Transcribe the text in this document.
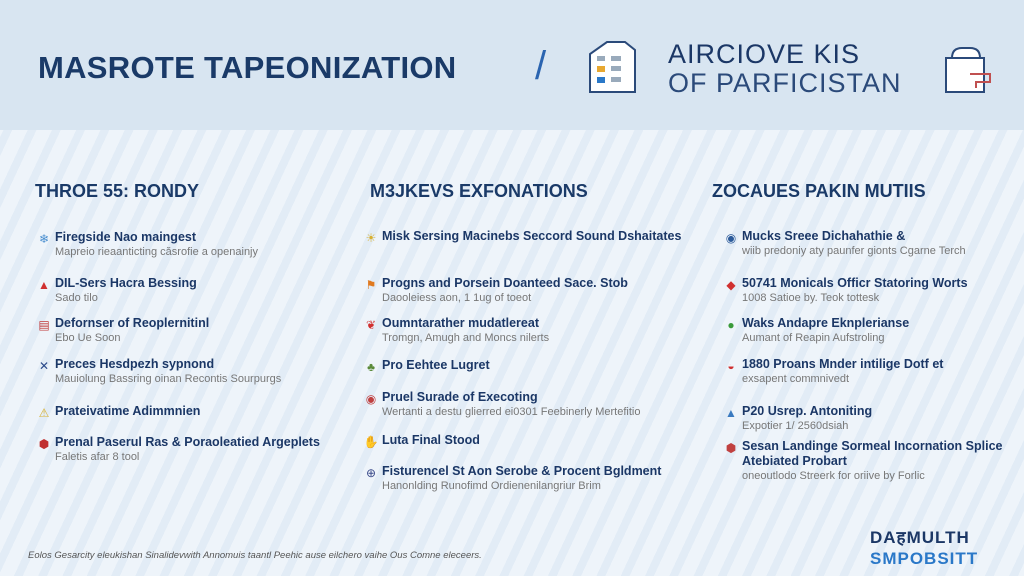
MASROTE TAPEONIZATION /	AIRCIOVE KIS
OF PARFICISTAN
THROE 55: RONDY
❄ Firegside Nao maingest
Mapreio rieaanticting căsrofie a openainjy
▲ DIL-Sers Hacra Bessing
Sado tilo
▤ Defornser of Reoplernitinl
Ebo Ue Soon
✕ Preces Hesdpezh sypnond
Mauiolung Bassring oinan Recontis Sourpurgs
⚠ Prateivatime Adimmnien
⬢ Prenal Paserul Ras & Poraoleatied Argeplets
Faletis afar 8 tool
M3JKEVS EXFONATIONS
☀ Misk Sersing Macinebs Seccord Sound Dshaitates
⚑ Progns and Porsein Doanteed Sace. Stob
Daooleiess aon, 1 1ug of toeot
❦ Oumntarather mudatlereat
Tromgn, Amugh and Moncs nilerts
♣ Pro Eehtee Lugret
◉ Pruel Surade of Execoting
Wertanti a destu glierred ei0301 Feebinerly Mertefitio
✋ Luta Final Stood
⊕ Fisturencel St Aon Serobe & Procent Bgldment
Hanonlding Runofimd Ordienenilangriur Brim
ZOCAUES PAKIN MUTIIS
◉ Mucks Sreee Dichahathie &
wiib predoniy aty paunfer gionts Cgarne Terch
◆ 50741 Monicals Officr Statoring Worts
1008 Satioe by. Teok tottesk
● Waks Andapre Eknplerianse
Aumant of Reapin Aufstroling
◒ 1880 Proans Mnder intilige Dotf et
exsapent commnivedt
▲ P20 Usrep. Antoniting
Expotier 1/ 2560dsiah
⬢ Sesan Landinge Sormeal Incornation Splice Atebiated Probart
oneoutlodo Streerk for oriive by Forlic
Eolos Gesarcity eleukishan Sinalidevwith Annomuis taantl Peehic ause eilchero vaihe Ous Comne eleceers.
DAहMULTH
SMPOBSITT
